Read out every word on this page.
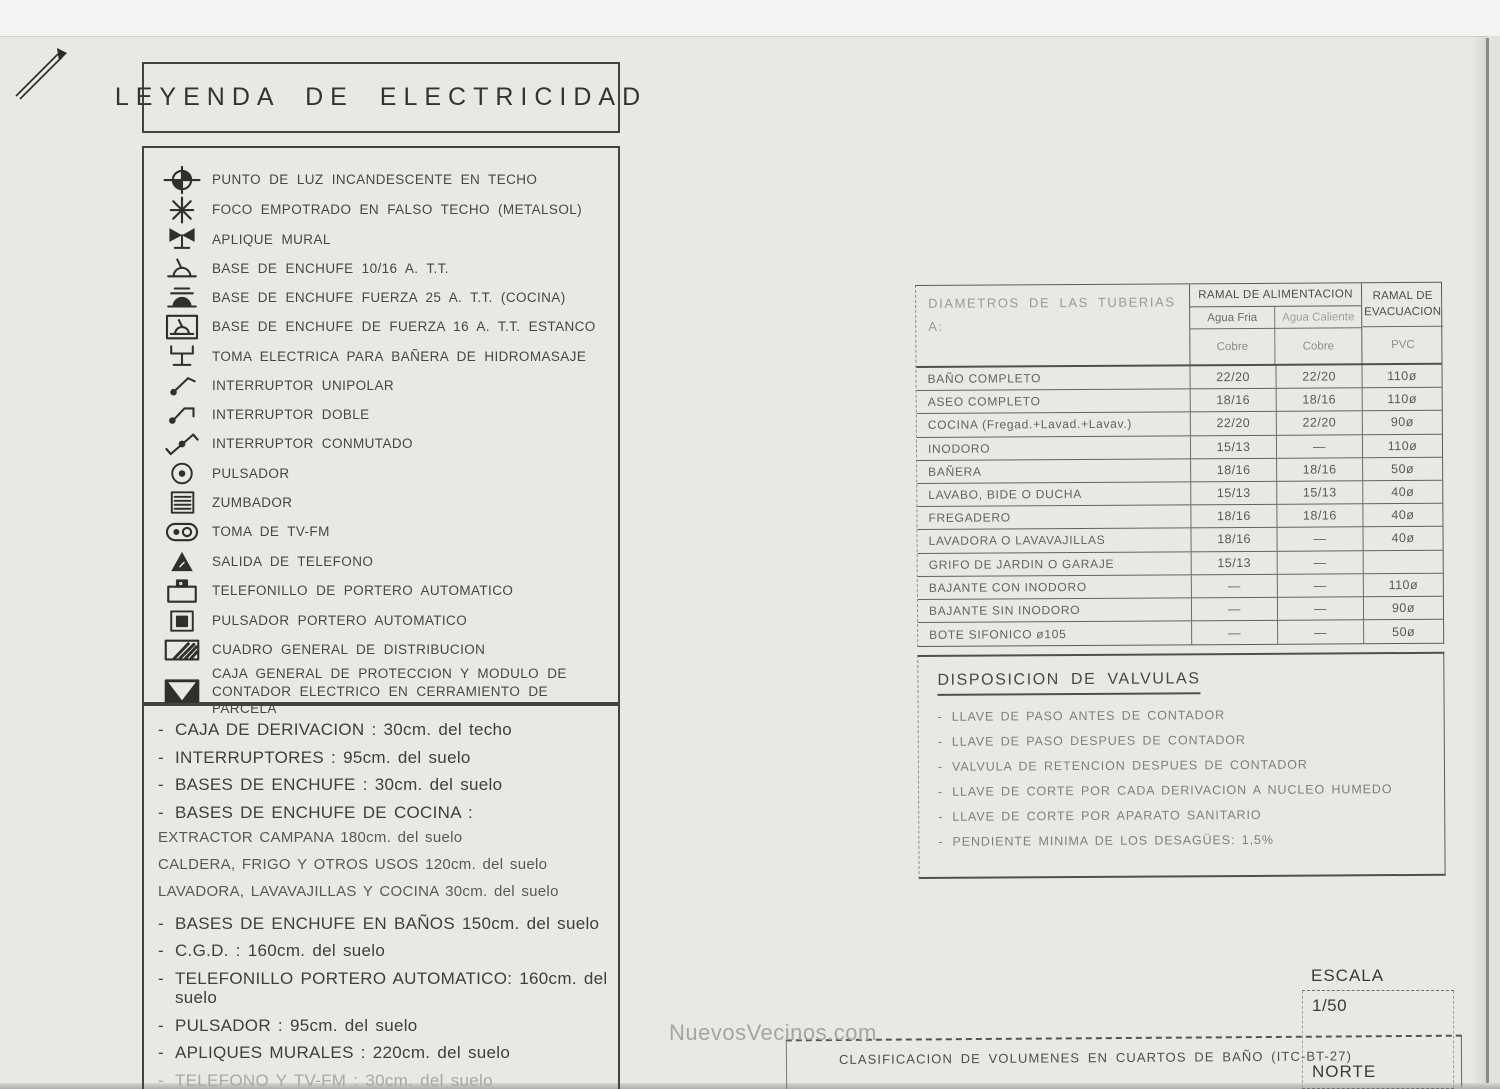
LEYENDA DE ELECTRICIDAD
PUNTO DE LUZ INCANDESCENTE EN TECHO
FOCO EMPOTRADO EN FALSO TECHO (METALSOL)
APLIQUE MURAL
BASE DE ENCHUFE 10/16 A. T.T.
BASE DE ENCHUFE FUERZA 25 A. T.T. (COCINA)
BASE DE ENCHUFE DE FUERZA 16 A. T.T. ESTANCO
TOMA ELECTRICA PARA BAÑERA DE HIDROMASAJE
INTERRUPTOR UNIPOLAR
INTERRUPTOR DOBLE
INTERRUPTOR CONMUTADO
PULSADOR
ZUMBADOR
TOMA DE TV-FM
SALIDA DE TELEFONO
TELEFONILLO DE PORTERO AUTOMATICO
PULSADOR PORTERO AUTOMATICO
CUADRO GENERAL DE DISTRIBUCION
CAJA GENERAL DE PROTECCION Y MODULO DE CONTADOR ELECTRICO EN CERRAMIENTO DE PARCELA
- CAJA DE DERIVACION : 30cm. del techo
- INTERRUPTORES : 95cm. del suelo
- BASES DE ENCHUFE : 30cm. del suelo
- BASES DE ENCHUFE DE COCINA :
EXTRACTOR CAMPANA 180cm. del suelo
CALDERA, FRIGO Y OTROS USOS 120cm. del suelo
LAVADORA, LAVAVAJILLAS Y COCINA 30cm. del suelo
- BASES DE ENCHUFE EN BAÑOS 150cm. del suelo
- C.G.D. : 160cm. del suelo
- TELEFONILLO PORTERO AUTOMATICO: 160cm. del suelo
- PULSADOR : 95cm. del suelo
- APLIQUES MURALES : 220cm. del suelo
- TELEFONO Y TV-FM : 30cm. del suelo
DIAMETROS DE LAS TUBERIAS A:
RAMAL DE ALIMENTACION
Agua Fria	Agua Caliente
Cobre	Cobre
RAMAL DE EVACUACION
PVC
BAÑO COMPLETO	22/20	22/20	110ø
ASEO COMPLETO	18/16	18/16	110ø
COCINA (Fregad.+Lavad.+Lavav.)	22/20	22/20	90ø
INODORO	15/13	—	110ø
BAÑERA	18/16	18/16	50ø
LAVABO, BIDE O DUCHA	15/13	15/13	40ø
FREGADERO	18/16	18/16	40ø
LAVADORA O LAVAVAJILLAS	18/16	—	40ø
GRIFO DE JARDIN O GARAJE	15/13	—
BAJANTE CON INODORO	—	—	110ø
BAJANTE SIN INODORO	—	—	90ø
BOTE SIFONICO ø105	—	—	50ø
DISPOSICION DE VALVULAS
- LLAVE DE PASO ANTES DE CONTADOR
- LLAVE DE PASO DESPUES DE CONTADOR
- VALVULA DE RETENCION DESPUES DE CONTADOR
- LLAVE DE CORTE POR CADA DERIVACION A NUCLEO HUMEDO
- LLAVE DE CORTE POR APARATO SANITARIO
- PENDIENTE MINIMA DE LOS DESAGÜES: 1,5%
ESCALA
1/50
NORTE
CLASIFICACION DE VOLUMENES EN CUARTOS DE BAÑO (ITC-BT-27)
NuevosVecinos.com
